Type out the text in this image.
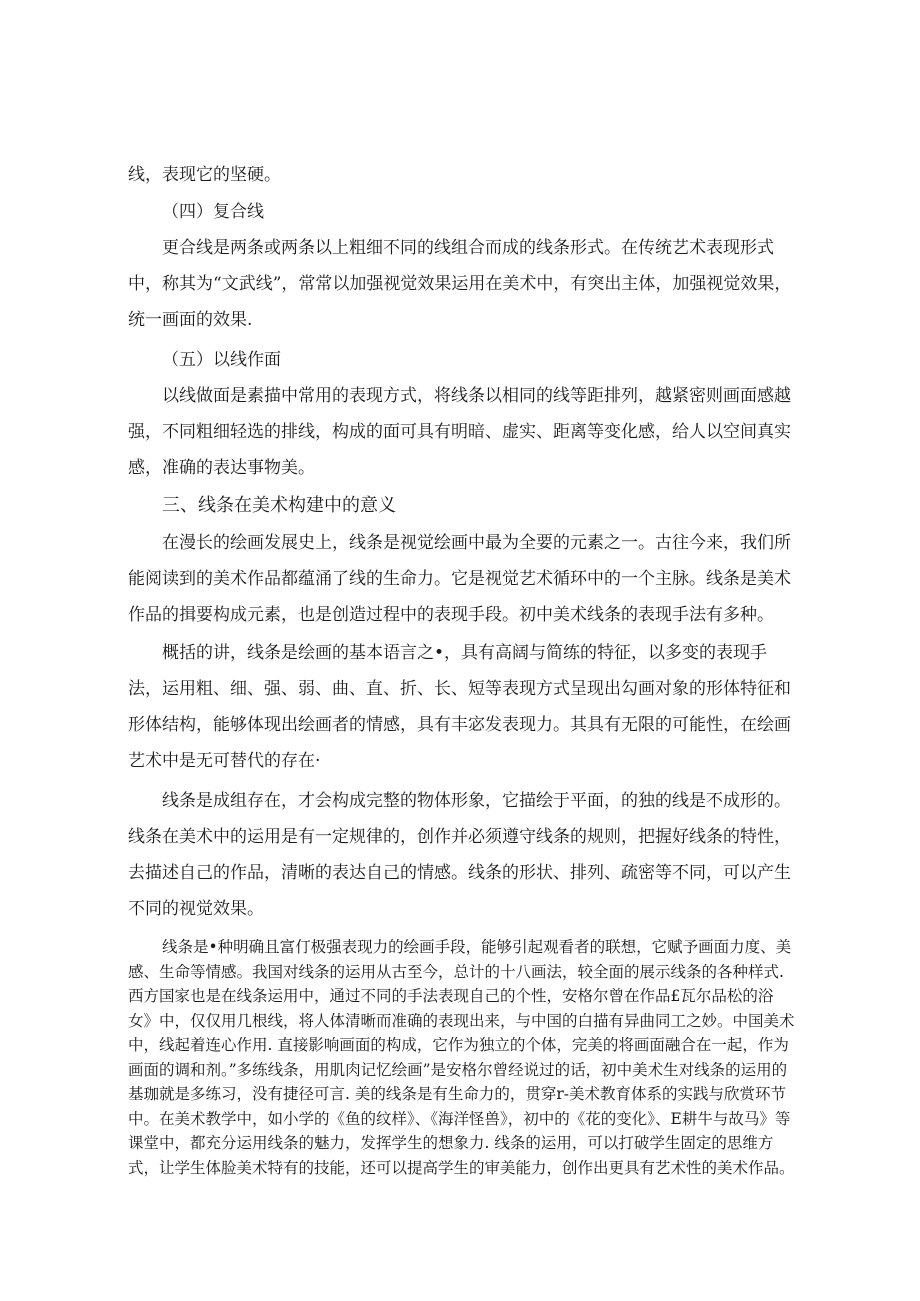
线，表现它的坚硬。

（四）复合线

更合线是两条或两条以上粗细不同的线组合而成的线条形式。在传统艺术表现形式中，称其为“文武线”，常常以加强视觉效果运用在美术中，有突出主体，加强视觉效果，统一画面的效果.

（五）以线作面

以线做面是素描中常用的表现方式，将线条以相同的线等距排列，越紧密则画面感越强，不同粗细轻选的排线，构成的面可具有明暗、虚实、距离等变化感，给人以空间真实感，准确的表达事物美。

三、线条在美术构建中的意义

在漫长的绘画发展史上，线条是视觉绘画中最为全要的元素之一。古往今来，我们所能阅读到的美术作品都蕴涌了线的生命力。它是视觉艺术循环中的一个主脉。线条是美术作品的揖要构成元素，也是创造过程中的表现手段。初中美术线条的表现手法有多种。

概括的讲，线条是绘画的基本语言之•，具有高阔与简练的特征，以多变的表现手法，运用粗、细、强、弱、曲、直、折、长、短等表现方式呈现出勾画对象的形体特征和形体结构，能够体现出绘画者的情感，具有丰宓发表现力。其具有无限的可能性，在绘画艺术中是无可替代的存在·

线条是成组存在，才会构成完整的物体形象，它描绘于平面，的独的线是不成形的。线条在美术中的运用是有一定规律的，创作并必须遵守线条的规则，把握好线条的特性，去描述自己的作品，清晰的表达自己的情感。线条的形状、排列、疏密等不同，可以产生不同的视觉效果。

线条是•种明确且富仃极强表现力的绘画手段，能够引起观看者的联想，它赋予画面力度、美感、生命等情感。我国对线条的运用从古至今，总计的十八画法，较全面的展示线条的各种样式. 西方国家也是在线条运用中，通过不同的手法表现自己的个性，安格尔曾在作品£瓦尔品松的浴女》中，仅仅用几根线，将人体清晰而准确的表现出来，与中国的白描有异曲同工之妙。中国美术中，线起着连心作用. 直接影响画面的构成，它作为独立的个体，完美的将画面融合在一起，作为画面的调和剂。”多练线条，用肌肉记忆绘画”是安格尔曾经说过的话，初中美术生对线条的运用的基珈就是多练习，没有捷径可言. 美的线条是有生命力的，贯穿r-美术教育体系的实践与欣赏环节中。在美术教学中，如小学的《鱼的纹样》、《海洋怪兽》，初中的《花的变化》、E耕牛与故马》等课堂中，都充分运用线条的魅力，发挥学生的想象力. 线条的运用，可以打破学生固定的思维方式，让学生体脸美术特有的技能，还可以提高学生的审美能力，创作出更具有艺术性的美术作品。
